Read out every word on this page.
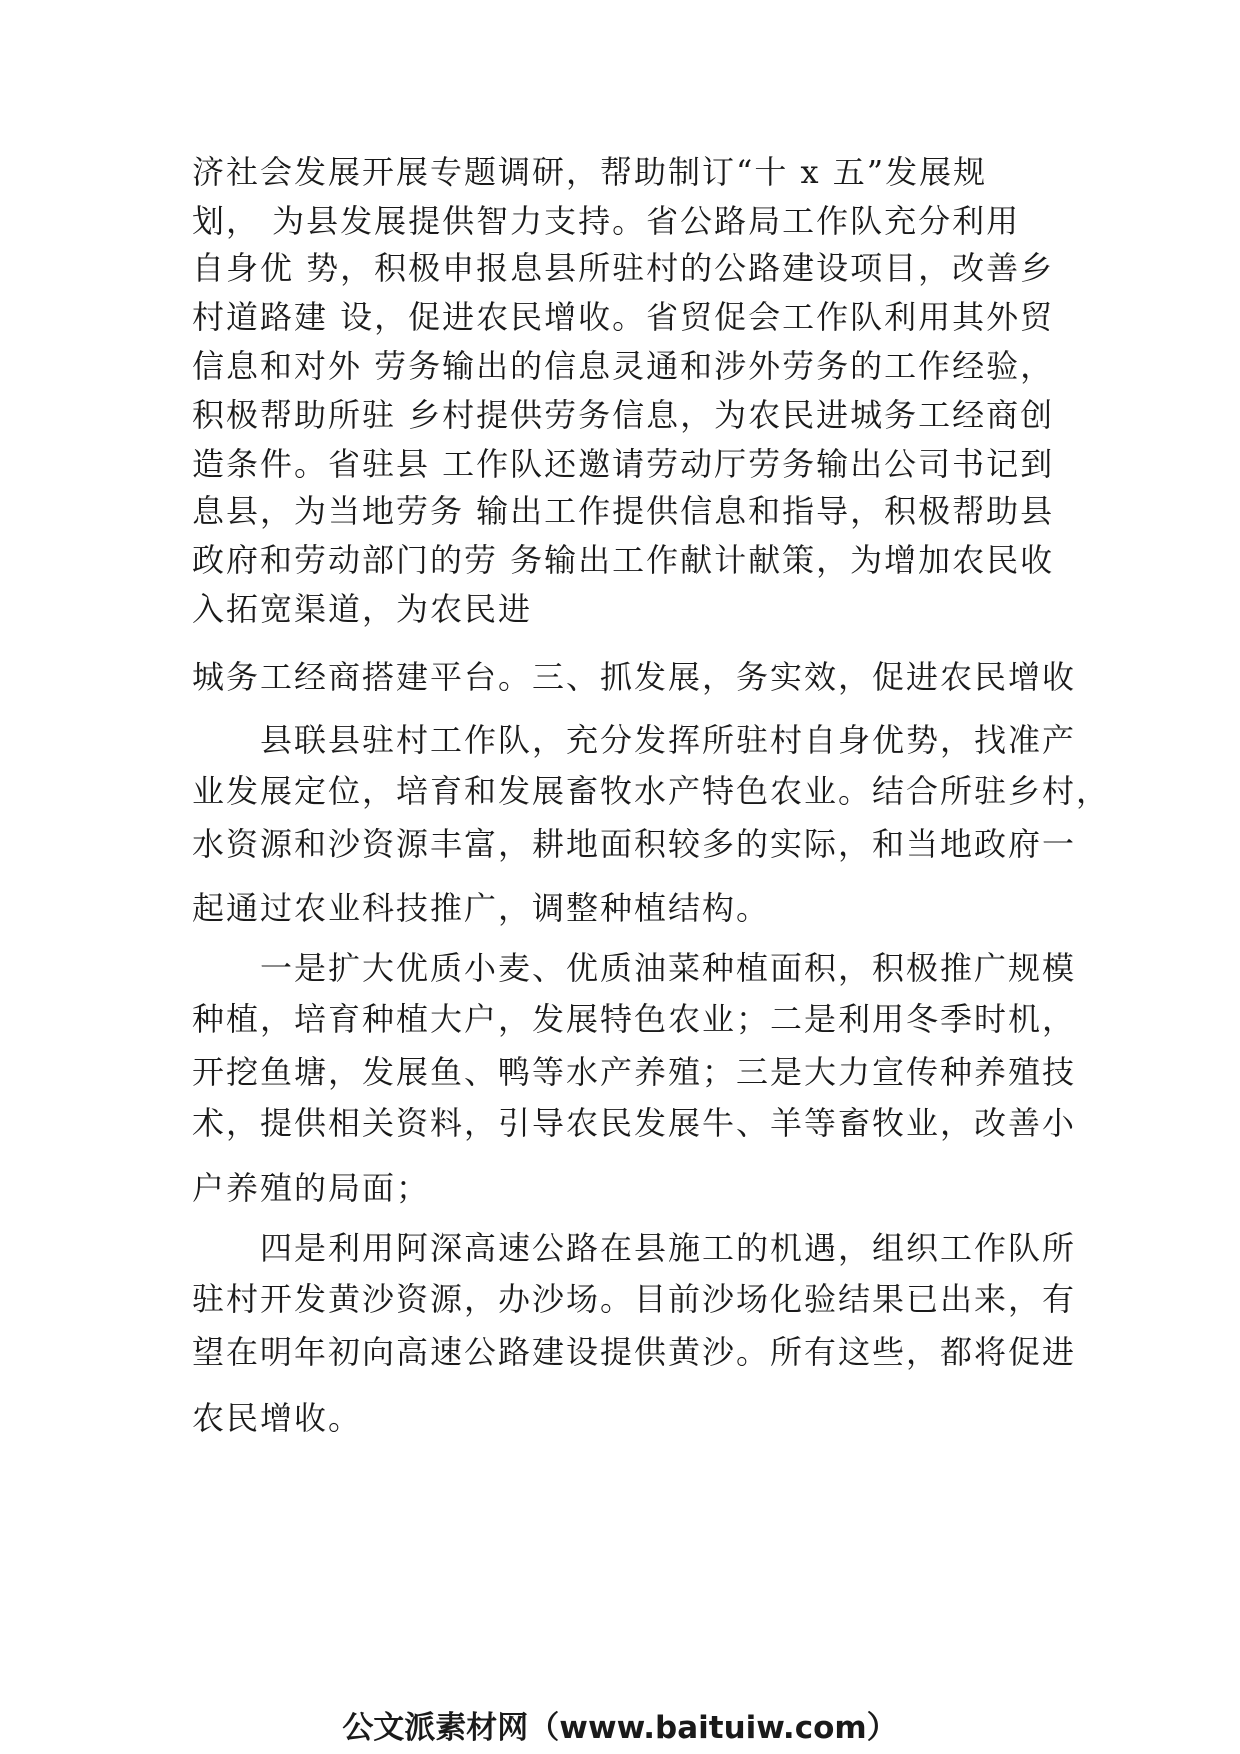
济社会发展开展专题调研，帮助制订“十 x 五”发展规
划， 为县发展提供智力支持。省公路局工作队充分利用
自身优 势，积极申报息县所驻村的公路建设项目，改善乡
村道路建 设，促进农民增收。省贸促会工作队利用其外贸
信息和对外 劳务输出的信息灵通和涉外劳务的工作经验，
积极帮助所驻 乡村提供劳务信息，为农民进城务工经商创
造条件。省驻县 工作队还邀请劳动厅劳务输出公司书记到
息县，为当地劳务 输出工作提供信息和指导，积极帮助县
政府和劳动部门的劳 务输出工作献计献策，为增加农民收
入拓宽渠道，为农民进
城务工经商搭建平台。三、抓发展，务实效，促进农民增收
　　县联县驻村工作队，充分发挥所驻村自身优势，找准产
业发展定位，培育和发展畜牧水产特色农业。结合所驻乡村，
水资源和沙资源丰富，耕地面积较多的实际，和当地政府一
起通过农业科技推广，调整种植结构。
　　一是扩大优质小麦、优质油菜种植面积，积极推广规模
种植，培育种植大户，发展特色农业；二是利用冬季时机，
开挖鱼塘，发展鱼、鸭等水产养殖；三是大力宣传种养殖技
术，提供相关资料，引导农民发展牛、羊等畜牧业，改善小
户养殖的局面；
　　四是利用阿深高速公路在县施工的机遇，组织工作队所
驻村开发黄沙资源，办沙场。目前沙场化验结果已出来，有
望在明年初向高速公路建设提供黄沙。所有这些，都将促进
农民增收。
公文派素材网（www.baituiw.com）
